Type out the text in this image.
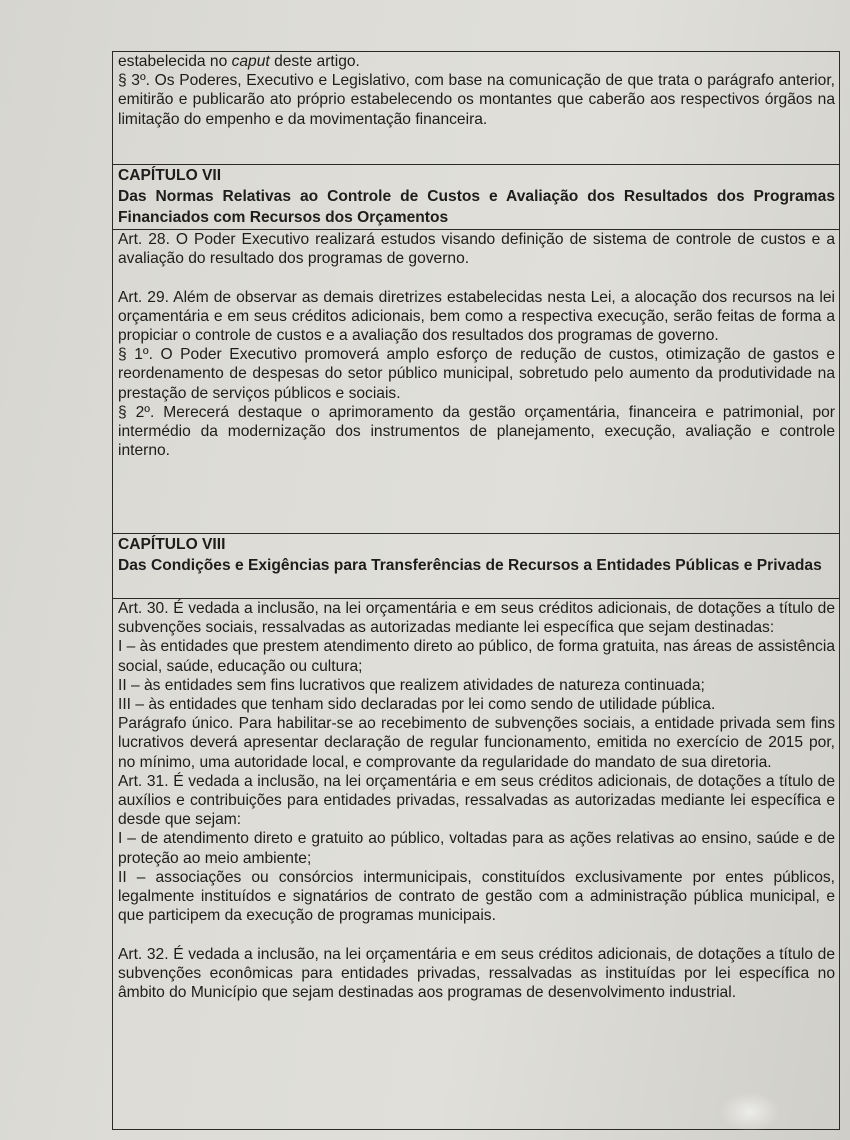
estabelecida no caput deste artigo.

§ 3º. Os Poderes, Executivo e Legislativo, com base na comunicação de que trata o parágrafo anterior, emitirão e publicarão ato próprio estabelecendo os montantes que caberão aos respectivos órgãos na limitação do empenho e da movimentação financeira.

CAPÍTULO VII
Das Normas Relativas ao Controle de Custos e Avaliação dos Resultados dos Programas Financiados com Recursos dos Orçamentos

Art. 28. O Poder Executivo realizará estudos visando definição de sistema de controle de custos e a avaliação do resultado dos programas de governo.

Art. 29. Além de observar as demais diretrizes estabelecidas nesta Lei, a alocação dos recursos na lei orçamentária e em seus créditos adicionais, bem como a respectiva execução, serão feitas de forma a propiciar o controle de custos e a avaliação dos resultados dos programas de governo.

§ 1º. O Poder Executivo promoverá amplo esforço de redução de custos, otimização de gastos e reordenamento de despesas do setor público municipal, sobretudo pelo aumento da produtividade na prestação de serviços públicos e sociais.

§ 2º. Merecerá destaque o aprimoramento da gestão orçamentária, financeira e patrimonial, por intermédio da modernização dos instrumentos de planejamento, execução, avaliação e controle interno.

CAPÍTULO VIII
Das Condições e Exigências para Transferências de Recursos a Entidades Públicas e Privadas

Art. 30. É vedada a inclusão, na lei orçamentária e em seus créditos adicionais, de dotações a título de subvenções sociais, ressalvadas as autorizadas mediante lei específica que sejam destinadas:

I – às entidades que prestem atendimento direto ao público, de forma gratuita, nas áreas de assistência social, saúde, educação ou cultura;

II – às entidades sem fins lucrativos que realizem atividades de natureza continuada;

III – às entidades que tenham sido declaradas por lei como sendo de utilidade pública.

Parágrafo único. Para habilitar-se ao recebimento de subvenções sociais, a entidade privada sem fins lucrativos deverá apresentar declaração de regular funcionamento, emitida no exercício de 2015 por, no mínimo, uma autoridade local, e comprovante da regularidade do mandato de sua diretoria.

Art. 31. É vedada a inclusão, na lei orçamentária e em seus créditos adicionais, de dotações a título de auxílios e contribuições para entidades privadas, ressalvadas as autorizadas mediante lei específica e desde que sejam:

I – de atendimento direto e gratuito ao público, voltadas para as ações relativas ao ensino, saúde e de proteção ao meio ambiente;

II – associações ou consórcios intermunicipais, constituídos exclusivamente por entes públicos, legalmente instituídos e signatários de contrato de gestão com a administração pública municipal, e que participem da execução de programas municipais.

Art. 32. É vedada a inclusão, na lei orçamentária e em seus créditos adicionais, de dotações a título de subvenções econômicas para entidades privadas, ressalvadas as instituídas por lei específica no âmbito do Município que sejam destinadas aos programas de desenvolvimento industrial.
